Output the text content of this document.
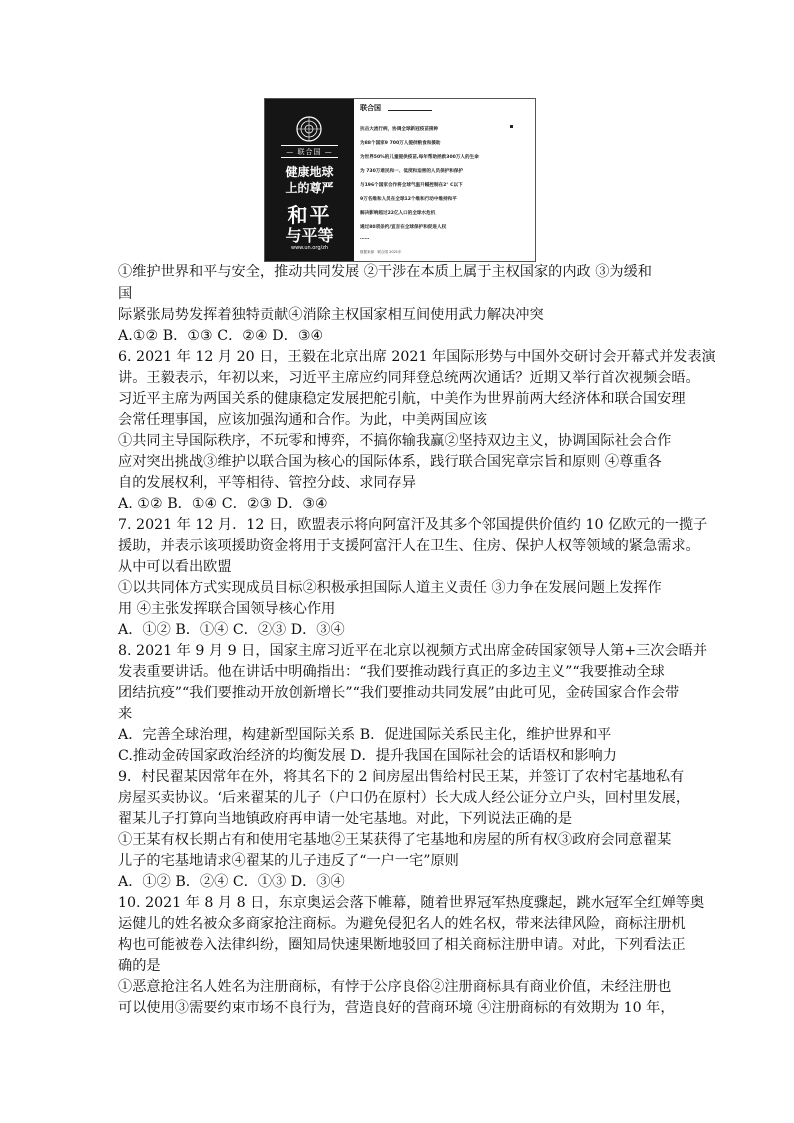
— 联合国 —
健康地球
上的尊严
和平
与平等
www.un.org/zh
联合国
抗击大流行病，协调全球新冠疫苗接种
为88个国家9 700万人提供粮食和援助
为世界50%的儿童提供疫苗,每年帮助拯救300万人的生命
为 730万难民和一、低度和迫害的人员保护和保护
与196个国家合作将全球气温升幅控制在2° C以下
9万名维和人员在全球12个维和行动中维持和平
解决影响超过22亿人口的全球水危机
通过80项条约/宣言在全球保护和促进人权
……
数据来源：联合国 2021年
①维护世界和平与安全，推动共同发展 ②干涉在本质上属于主权国家的内政 ③为缓和
国
际紧张局势发挥着独特贡献④消除主权国家相互间使用武力解决冲突
A.①② B．①③ C．②④ D．③④
6. 2021 年 12 月 20 日，王毅在北京出席 2021 年国际形势与中国外交研讨会开幕式并发表演
讲。王毅表示，年初以来，习近平主席应约同拜登总统两次通话？近期又举行首次视频会晤。
习近平主席为两国关系的健康稳定发展把舵引航，中美作为世界前两大经济体和联合国安理
会常任理事国，应该加强沟通和合作。为此，中美两国应该
①共同主导国际秩序，不玩零和博弈，不搞你输我赢②坚持双边主义，协调国际社会合作
应对突出挑战③维护以联合国为核心的国际体系，践行联合国宪章宗旨和原则 ④尊重各
自的发展权利，平等相待、管控分歧、求同存异
A. ①② B．①④ C．②③ D．③④
7. 2021 年 12 月．12 日，欧盟表示将向阿富汗及其多个邻国提供价值约 10 亿欧元的一揽子
援助，并表示该项援助资金将用于支援阿富汗人在卫生、住房、保护人权等领域的紧急需求。
从中可以看出欧盟
①以共同体方式实现成员目标②积极承担国际人道主义责任 ③力争在发展问题上发挥作
用 ④主张发挥联合国领导核心作用
A．①② B．①④ C．②③ D．③④
8. 2021 年 9 月 9 日，国家主席习近平在北京以视频方式出席金砖国家领导人第+三次会晤并
发表重要讲话。他在讲话中明确指出：“我们要推动践行真正的多边主义”“我要推动全球
团结抗疫”“我们要推动开放创新增长”“我们要推动共同发展”由此可见，金砖国家合作会带
来
A．完善全球治理，构建新型国际关系 B．促进国际关系民主化，维护世界和平
C.推动金砖国家政治经济的均衡发展 D．提升我国在国际社会的话语权和影响力
9．村民翟某因常年在外，将其名下的 2 间房屋出售给村民王某，并签订了农村宅基地私有
房屋买卖协议。‘后来翟某的儿子（户口仍在原村）长大成人经公证分立户头，回村里发展，
翟某儿子打算向当地镇政府再申请一处宅基地。对此，下列说法正确的是
①王某有权长期占有和使用宅基地②王某获得了宅基地和房屋的所有权③政府会同意翟某
儿子的宅基地请求④翟某的儿子违反了“一户一宅”原则
A．①② B．②④ C．①③ D．③④
10. 2021 年 8 月 8 日，东京奥运会落下帷幕，随着世界冠军热度骤起，跳水冠军全红婵等奥
运健儿的姓名被众多商家抢注商标。为避免侵犯名人的姓名权，带来法律风险，商标注册机
构也可能被卷入法律纠纷，圈知局快速果断地驳回了相关商标注册申请。对此，下列看法正
确的是
①恶意抢注名人姓名为注册商标，有悖于公序良俗②注册商标具有商业价值，未经注册也
可以使用③需要约束市场不良行为，营造良好的营商环境 ④注册商标的有效期为 10 年，
